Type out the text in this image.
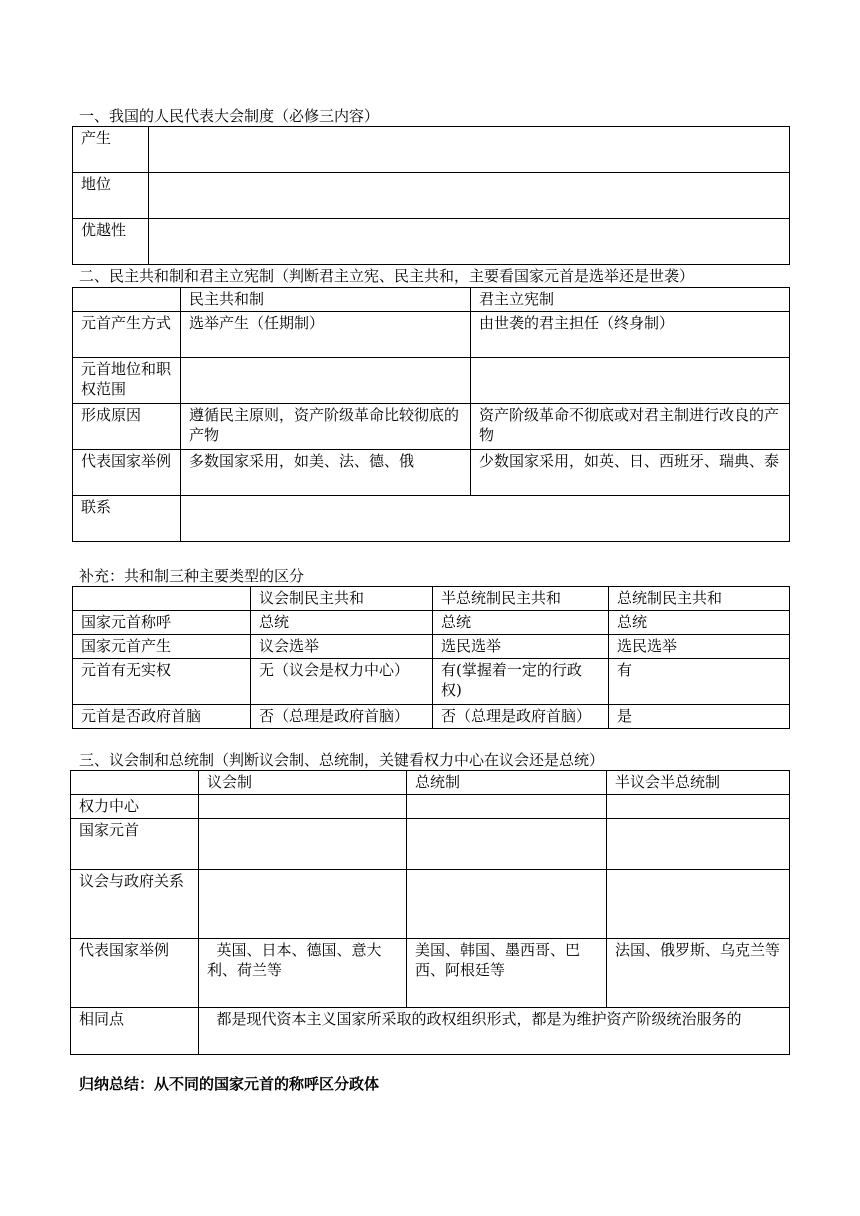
一、我国的人民代表大会制度（必修三内容）
产生	
地位	
优越性	
二、民主共和制和君主立宪制（判断君主立宪、民主共和，主要看国家元首是选举还是世袭）
	民主共和制	君主立宪制
元首产生方式	选举产生（任期制）	由世袭的君主担任（终身制）
元首地位和职权范围		
形成原因	遵循民主原则，资产阶级革命比较彻底的产物	资产阶级革命不彻底或对君主制进行改良的产物
代表国家举例	多数国家采用，如美、法、德、俄	少数国家采用，如英、日、西班牙、瑞典、泰
联系		
补充：共和制三种主要类型的区分
	议会制民主共和	半总统制民主共和	总统制民主共和
国家元首称呼	总统	总统	总统
国家元首产生	议会选举	选民选举	选民选举
元首有无实权	无（议会是权力中心）	有(掌握着一定的行政权)	有
元首是否政府首脑	否（总理是政府首脑）	否（总理是政府首脑）	是
三、议会制和总统制（判断议会制、总统制，关键看权力中心在议会还是总统）
	议会制	总统制	半议会半总统制
权力中心			
国家元首			
议会与政府关系			
代表国家举例	英国、日本、德国、意大利、荷兰等	美国、韩国、墨西哥、巴西、阿根廷等	法国、俄罗斯、乌克兰等
相同点	都是现代资本主义国家所采取的政权组织形式，都是为维护资产阶级统治服务的		
归纳总结：从不同的国家元首的称呼区分政体
